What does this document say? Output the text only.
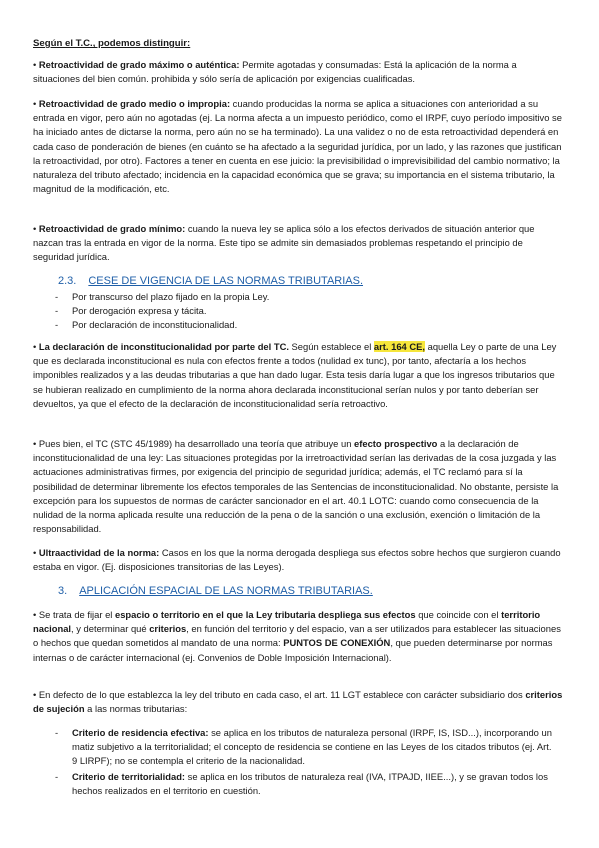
Según el T.C., podemos distinguir:

• Retroactividad de grado máximo o auténtica: Permite agotadas y consumadas: Está la aplicación de la norma a situaciones del bien común. prohibida y sólo sería de aplicación por exigencias cualificadas.

• Retroactividad de grado medio o impropia: cuando producidas la norma se aplica a situaciones con anterioridad a su entrada en vigor, pero aún no agotadas (ej. La norma afecta a un impuesto periódico, como el IRPF, cuyo período impositivo se ha iniciado antes de dictarse la norma, pero aún no se ha terminado). La una validez o no de esta retroactividad dependerá en cada caso de ponderación de bienes (en cuánto se ha afectado a la seguridad jurídica, por un lado, y las razones que justifican la retroactividad, por otro). Factores a tener en cuenta en ese juicio: la previsibilidad o imprevisibilidad del cambio normativo; la naturaleza del tributo afectado; incidencia en la capacidad económica que se grava; su importancia en el sistema tributario, la magnitud de la modificación, etc.

• Retroactividad de grado mínimo: cuando la nueva ley se aplica sólo a los efectos derivados de situación anterior que nazcan tras la entrada en vigor de la norma. Este tipo se admite sin demasiados problemas respetando el principio de seguridad jurídica.

2.3. CESE DE VIGENCIA DE LAS NORMAS TRIBUTARIAS.
- Por transcurso del plazo fijado en la propia Ley.
- Por derogación expresa y tácita.
- Por declaración de inconstitucionalidad.

• La declaración de inconstitucionalidad por parte del TC. Según establece el art. 164 CE, aquella Ley o parte de una Ley que es declarada inconstitucional es nula con efectos frente a todos (nulidad ex tunc), por tanto, afectaría a los hechos imponibles realizados y a las deudas tributarias a que han dado lugar. Esta tesis daría lugar a que los ingresos tributarios que se hubieran realizado en cumplimiento de la norma ahora declarada inconstitucional serían nulos y por tanto deberían ser devueltos, ya que el efecto de la declaración de inconstitucionalidad sería retroactivo.

• Pues bien, el TC (STC 45/1989) ha desarrollado una teoría que atribuye un efecto prospectivo a la declaración de inconstitucionalidad de una ley: Las situaciones protegidas por la irretroactividad serían las derivadas de la cosa juzgada y las actuaciones administrativas firmes, por exigencia del principio de seguridad jurídica; además, el TC reclamó para sí la posibilidad de determinar libremente los efectos temporales de las Sentencias de inconstitucionalidad. No obstante, persiste la excepción para los supuestos de normas de carácter sancionador en el art. 40.1 LOTC: cuando como consecuencia de la nulidad de la norma aplicada resulte una reducción de la pena o de la sanción o una exclusión, exención o limitación de la responsabilidad.

• Ultraactividad de la norma: Casos en los que la norma derogada despliega sus efectos sobre hechos que surgieron cuando estaba en vigor. (Ej. disposiciones transitorias de las Leyes).

3. APLICACIÓN ESPACIAL DE LAS NORMAS TRIBUTARIAS.

• Se trata de fijar el espacio o territorio en el que la Ley tributaria despliega sus efectos que coincide con el territorio nacional, y determinar qué criterios, en función del territorio y del espacio, van a ser utilizados para establecer las situaciones o hechos que quedan sometidos al mandato de una norma: PUNTOS DE CONEXIÓN, que pueden determinarse por normas internas o de carácter internacional (ej. Convenios de Doble Imposición Internacional).

• En defecto de lo que establezca la ley del tributo en cada caso, el art. 11 LGT establece con carácter subsidiario dos criterios de sujeción a las normas tributarias:

- Criterio de residencia efectiva: se aplica en los tributos de naturaleza personal (IRPF, IS, ISD...), incorporando un matiz subjetivo a la territorialidad; el concepto de residencia se contiene en las Leyes de los citados tributos (ej. Art. 9 LIRPF); no se contempla el criterio de la nacionalidad.
- Criterio de territorialidad: se aplica en los tributos de naturaleza real (IVA, ITPAJD, IIEE...), y se gravan todos los hechos realizados en el territorio en cuestión.
